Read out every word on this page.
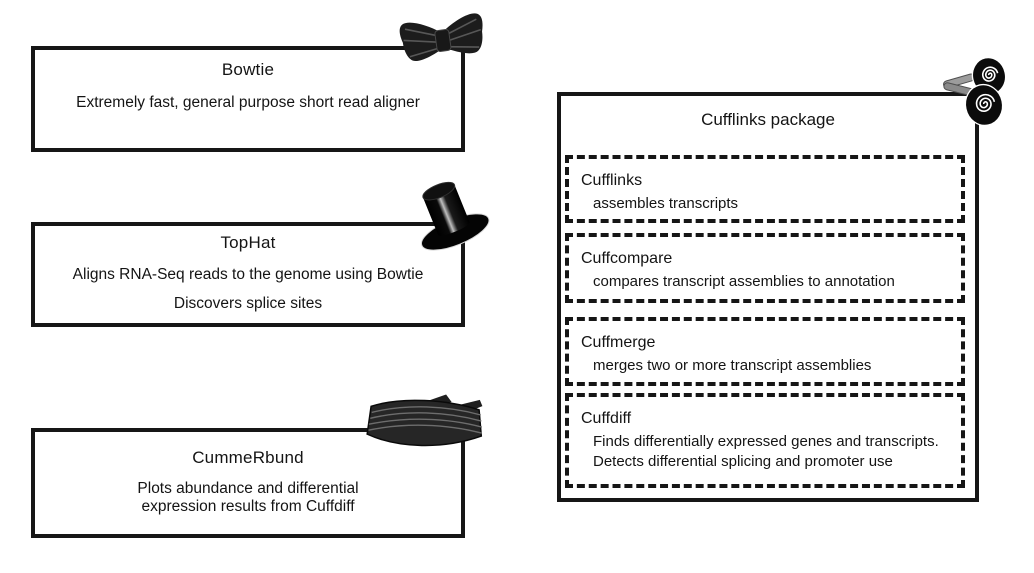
Bowtie
Extremely fast, general purpose short read aligner
TopHat
Aligns RNA-Seq reads to the genome using Bowtie
Discovers splice sites
CummeRbund
Plots abundance and differential
expression results from Cuffdiff
Cufflinks package
Cufflinks
assembles transcripts
Cuffcompare
compares transcript assemblies to annotation
Cuffmerge
merges two or more transcript assemblies
Cuffdiff
Finds differentially expressed genes and transcripts.
Detects differential splicing and promoter use
